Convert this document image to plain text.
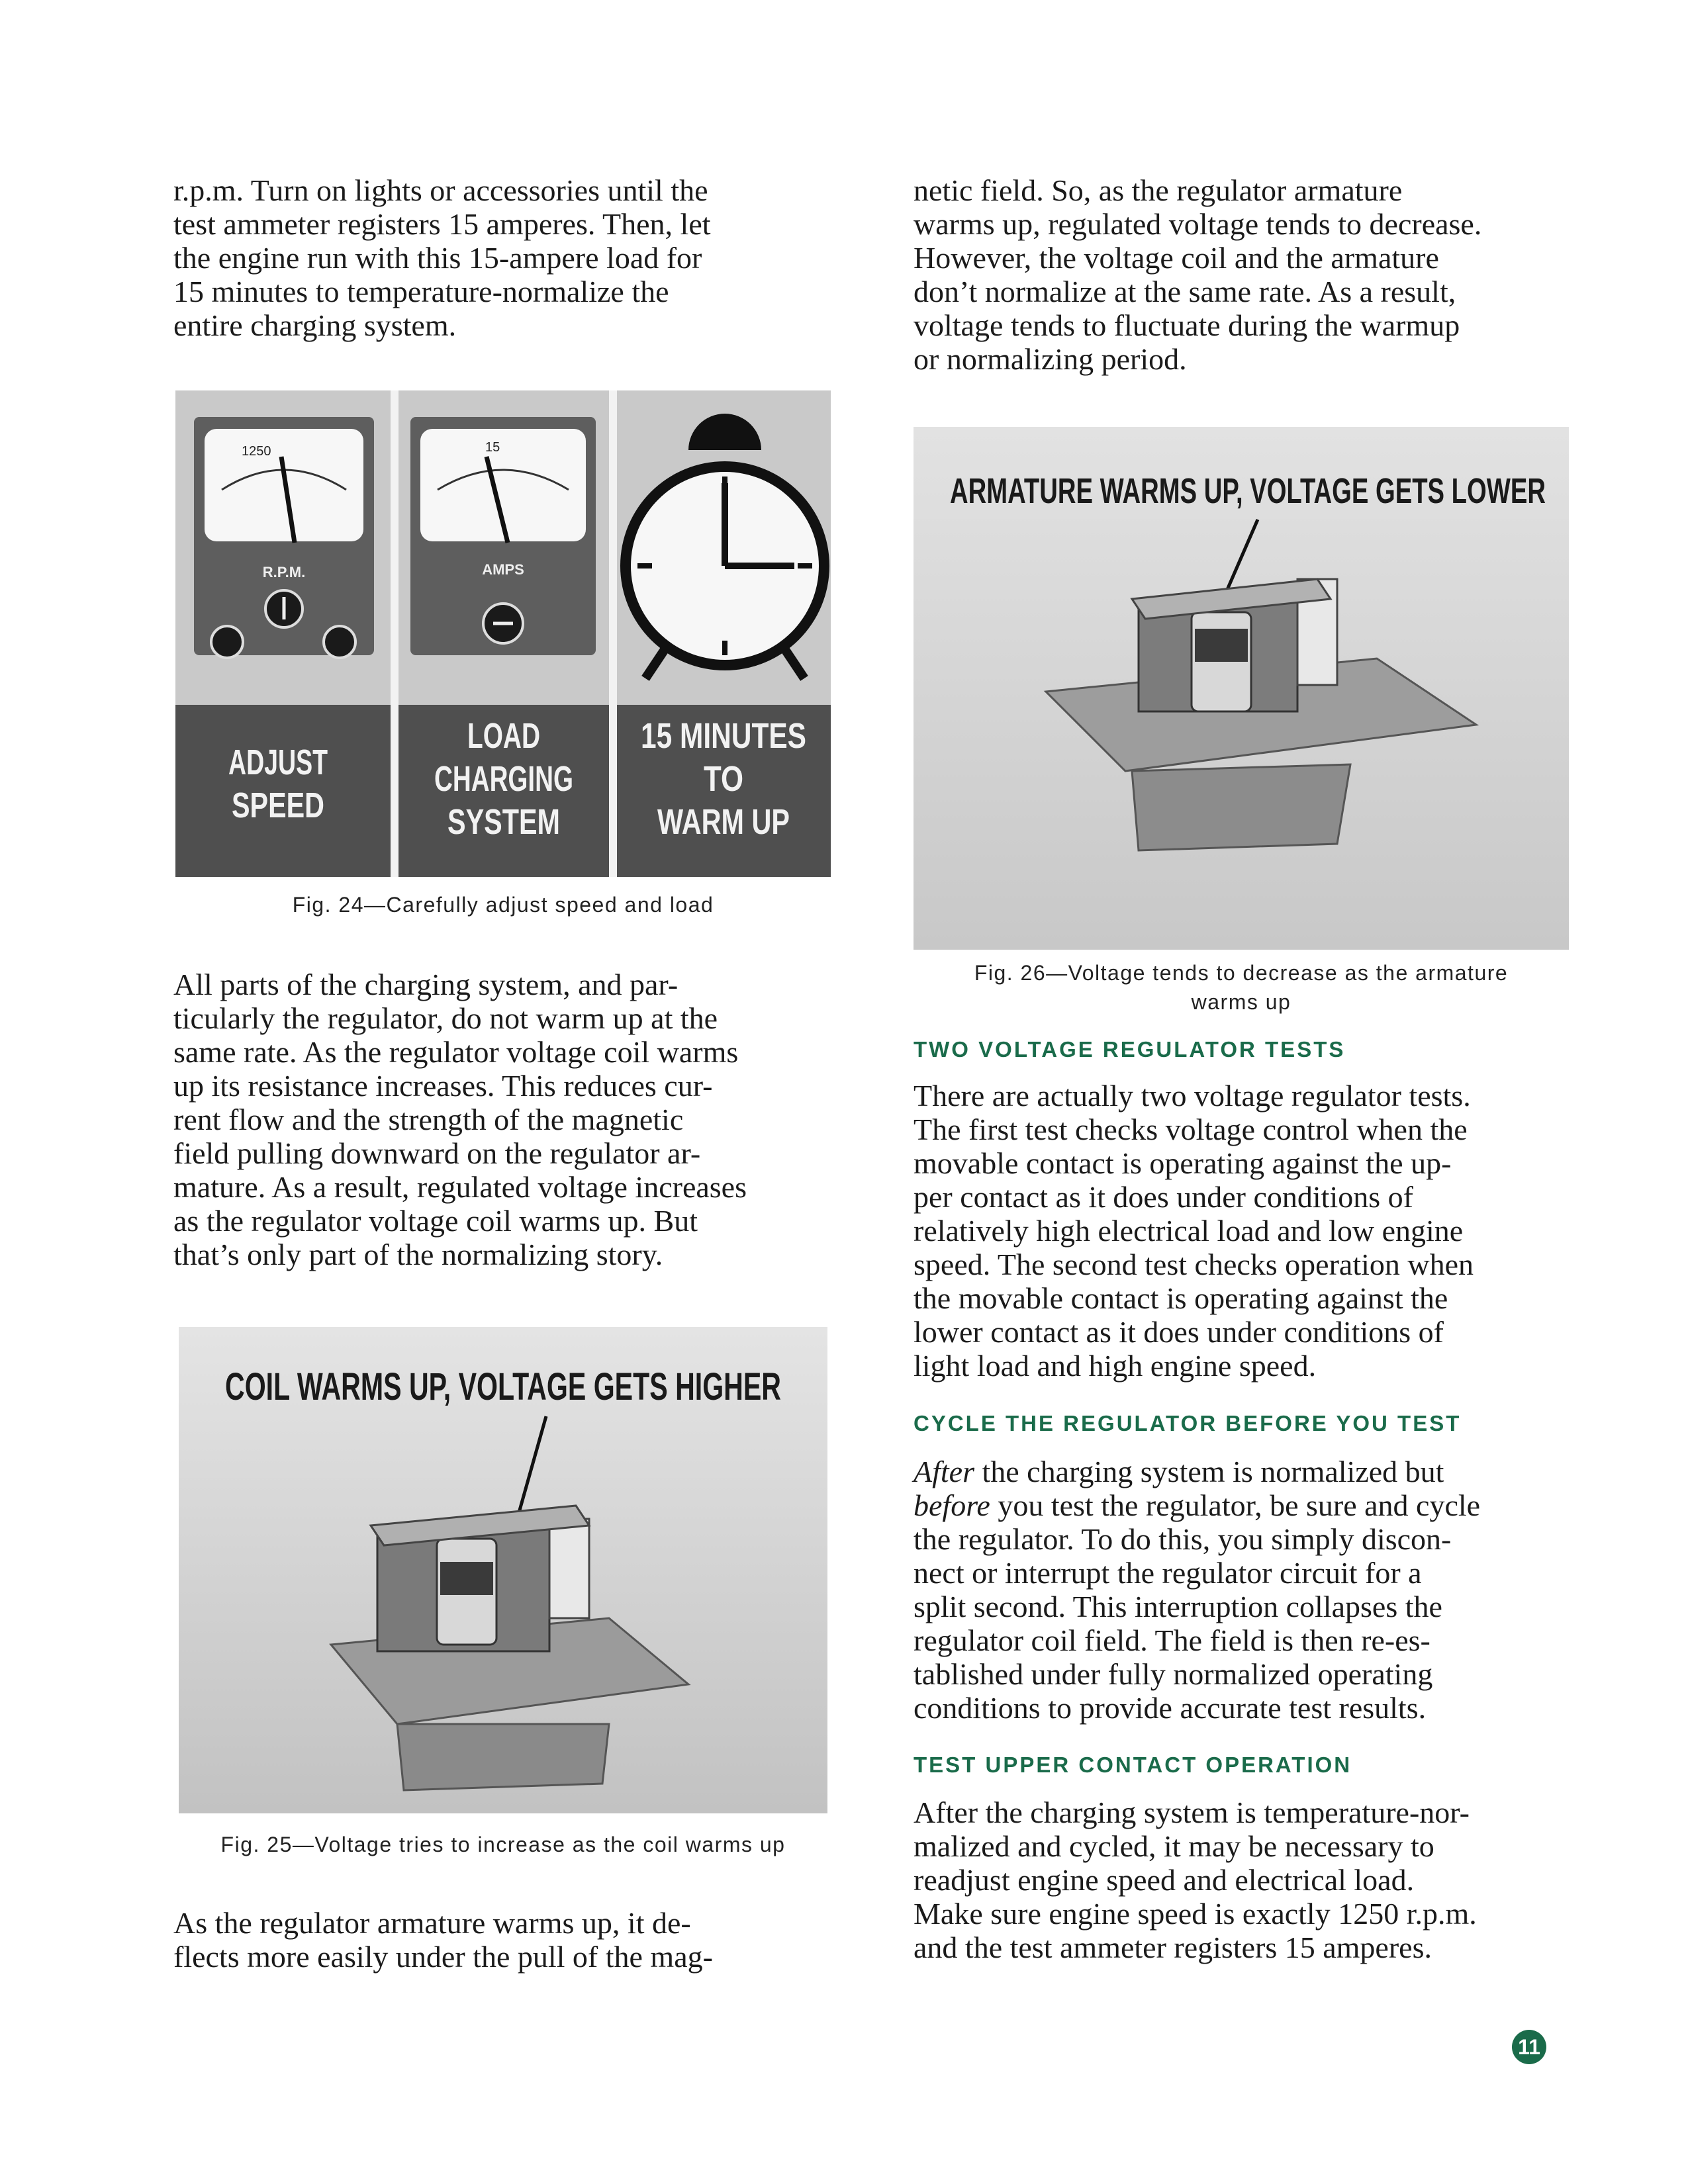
r.p.m. Turn on lights or accessories until the
test ammeter registers 15 amperes. Then, let
the engine run with this 15-ampere load for
15 minutes to temperature-normalize the
entire charging system.
1250
R.P.M.
15
AMPS
ADJUST
SPEED
LOAD
CHARGING
SYSTEM
15 MINUTES
TO
WARM UP
Fig. 24—Carefully adjust speed and load
All parts of the charging system, and par-
ticularly the regulator, do not warm up at the
same rate. As the regulator voltage coil warms
up its resistance increases. This reduces cur-
rent flow and the strength of the magnetic
field pulling downward on the regulator ar-
mature. As a result, regulated voltage increases
as the regulator voltage coil warms up. But
that’s only part of the normalizing story.
COIL WARMS UP, VOLTAGE GETS HIGHER
Fig. 25—Voltage tries to increase as the coil warms up
As the regulator armature warms up, it de-
flects more easily under the pull of the mag-
netic field. So, as the regulator armature
warms up, regulated voltage tends to decrease.
However, the voltage coil and the armature
don’t normalize at the same rate. As a result,
voltage tends to fluctuate during the warmup
or normalizing period.
ARMATURE WARMS UP, VOLTAGE GETS LOWER
Fig. 26—Voltage tends to decrease as the armature
warms up
TWO VOLTAGE REGULATOR TESTS
There are actually two voltage regulator tests.
The first test checks voltage control when the
movable contact is operating against the up-
per contact as it does under conditions of
relatively high electrical load and low engine
speed. The second test checks operation when
the movable contact is operating against the
lower contact as it does under conditions of
light load and high engine speed.
CYCLE THE REGULATOR BEFORE YOU TEST
After the charging system is normalized but
before you test the regulator, be sure and cycle
the regulator. To do this, you simply discon-
nect or interrupt the regulator circuit for a
split second. This interruption collapses the
regulator coil field. The field is then re-es-
tablished under fully normalized operating
conditions to provide accurate test results.
TEST UPPER CONTACT OPERATION
After the charging system is temperature-nor-
malized and cycled, it may be necessary to
readjust engine speed and electrical load.
Make sure engine speed is exactly 1250 r.p.m.
and the test ammeter registers 15 amperes.
11
